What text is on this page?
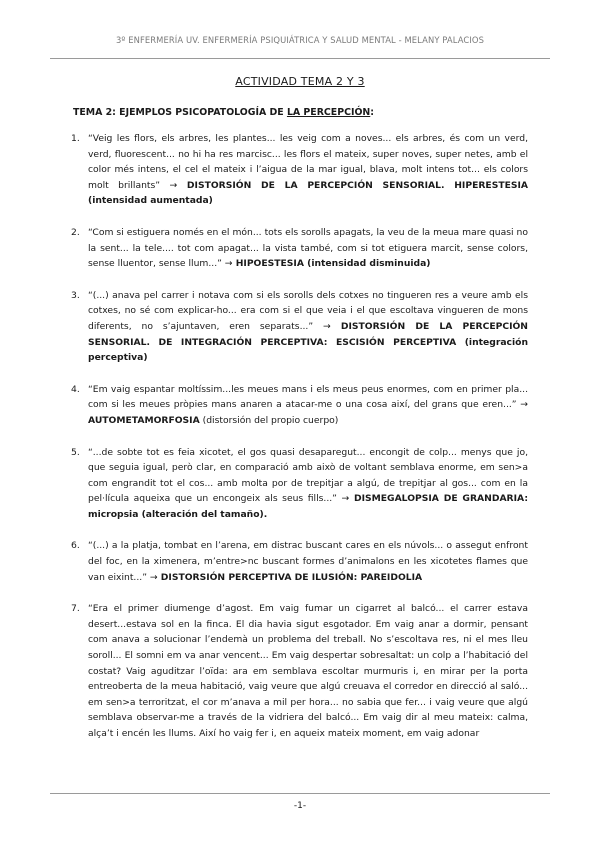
3º ENFERMERÍA UV. ENFERMERÍA PSIQUIÁTRICA Y SALUD MENTAL - MELANY PALACIOS
ACTIVIDAD TEMA 2 Y 3
TEMA 2: EJEMPLOS PSICOPATOLOGÍA DE LA PERCEPCIÓN:
1. “Veig les flors, els arbres, les plantes... les veig com a noves... els arbres, és com un verd, verd, fluorescent... no hi ha res marcisc... les flors el mateix, super noves, super netes, amb el color més intens, el cel el mateix i l’aigua de la mar igual, blava, molt intens tot... els colors molt brillants” → DISTORSIÓN DE LA PERCEPCIÓN SENSORIAL. HIPERESTESIA (intensidad aumentada)
2. “Com si estiguera només en el món... tots els sorolls apagats, la veu de la meua mare quasi no la sent... la tele.... tot com apagat... la vista també, com si tot etiguera marcit, sense colors, sense lluentor, sense llum...” → HIPOESTESIA (intensidad disminuida)
3. “(...) anava pel carrer i notava com si els sorolls dels cotxes no tingueren res a veure amb els cotxes, no sé com explicar-ho... era com si el que veia i el que escoltava vingueren de mons diferents, no s’ajuntaven, eren separats...” → DISTORSIÓN DE LA PERCEPCIÓN SENSORIAL. DE INTEGRACIÓN PERCEPTIVA: ESCISIÓN PERCEPTIVA (integración perceptiva)
4. “Em vaig espantar moltíssim...les meues mans i els meus peus enormes, com en primer pla... com si les meues pròpies mans anaren a atacar-me o una cosa així, del grans que eren...” → AUTOMETAMORFOSIA (distorsión del propio cuerpo)
5. “...de sobte tot es feia xicotet, el gos quasi desaparegut... encongit de colp... menys que jo, que seguia igual, però clar, en comparació amb això de voltant semblava enorme, em sen>a com engrandit tot el cos... amb molta por de trepitjar a algú, de trepitjar al gos... com en la pel·lícula aqueixa que un encongeix als seus fills...” → DISMEGALOPSIA DE GRANDARIA: micropsia (alteración del tamaño).
6. “(...) a la platja, tombat en l’arena, em distrac buscant cares en els núvols... o assegut enfront del foc, en la ximenera, m’entre>nc buscant formes d’animalons en les xicotetes flames que van eixint...” → DISTORSIÓN PERCEPTIVA DE ILUSIÓN: PAREIDOLIA
7. “Era el primer diumenge d’agost. Em vaig fumar un cigarret al balcó... el carrer estava desert...estava sol en la finca. El dia havia sigut esgotador. Em vaig anar a dormir, pensant com anava a solucionar l’endemà un problema del treball. No s’escoltava res, ni el mes lleu soroll... El somni em va anar vencent... Em vaig despertar sobresaltat: un colp a l’habitació del costat? Vaig aguditzar l’oïda: ara em semblava escoltar murmuris i, en mirar per la porta entreoberta de la meua habitació, vaig veure que algú creuava el corredor en direcció al saló... em sen>a terroritzat, el cor m’anava a mil per hora... no sabia que fer... i vaig veure que algú semblava observar-me a través de la vidriera del balcó... Em vaig dir al meu mateix: calma, alça’t i encén les llums. Així ho vaig fer i, en aqueix mateix moment, em vaig adonar
-1-
